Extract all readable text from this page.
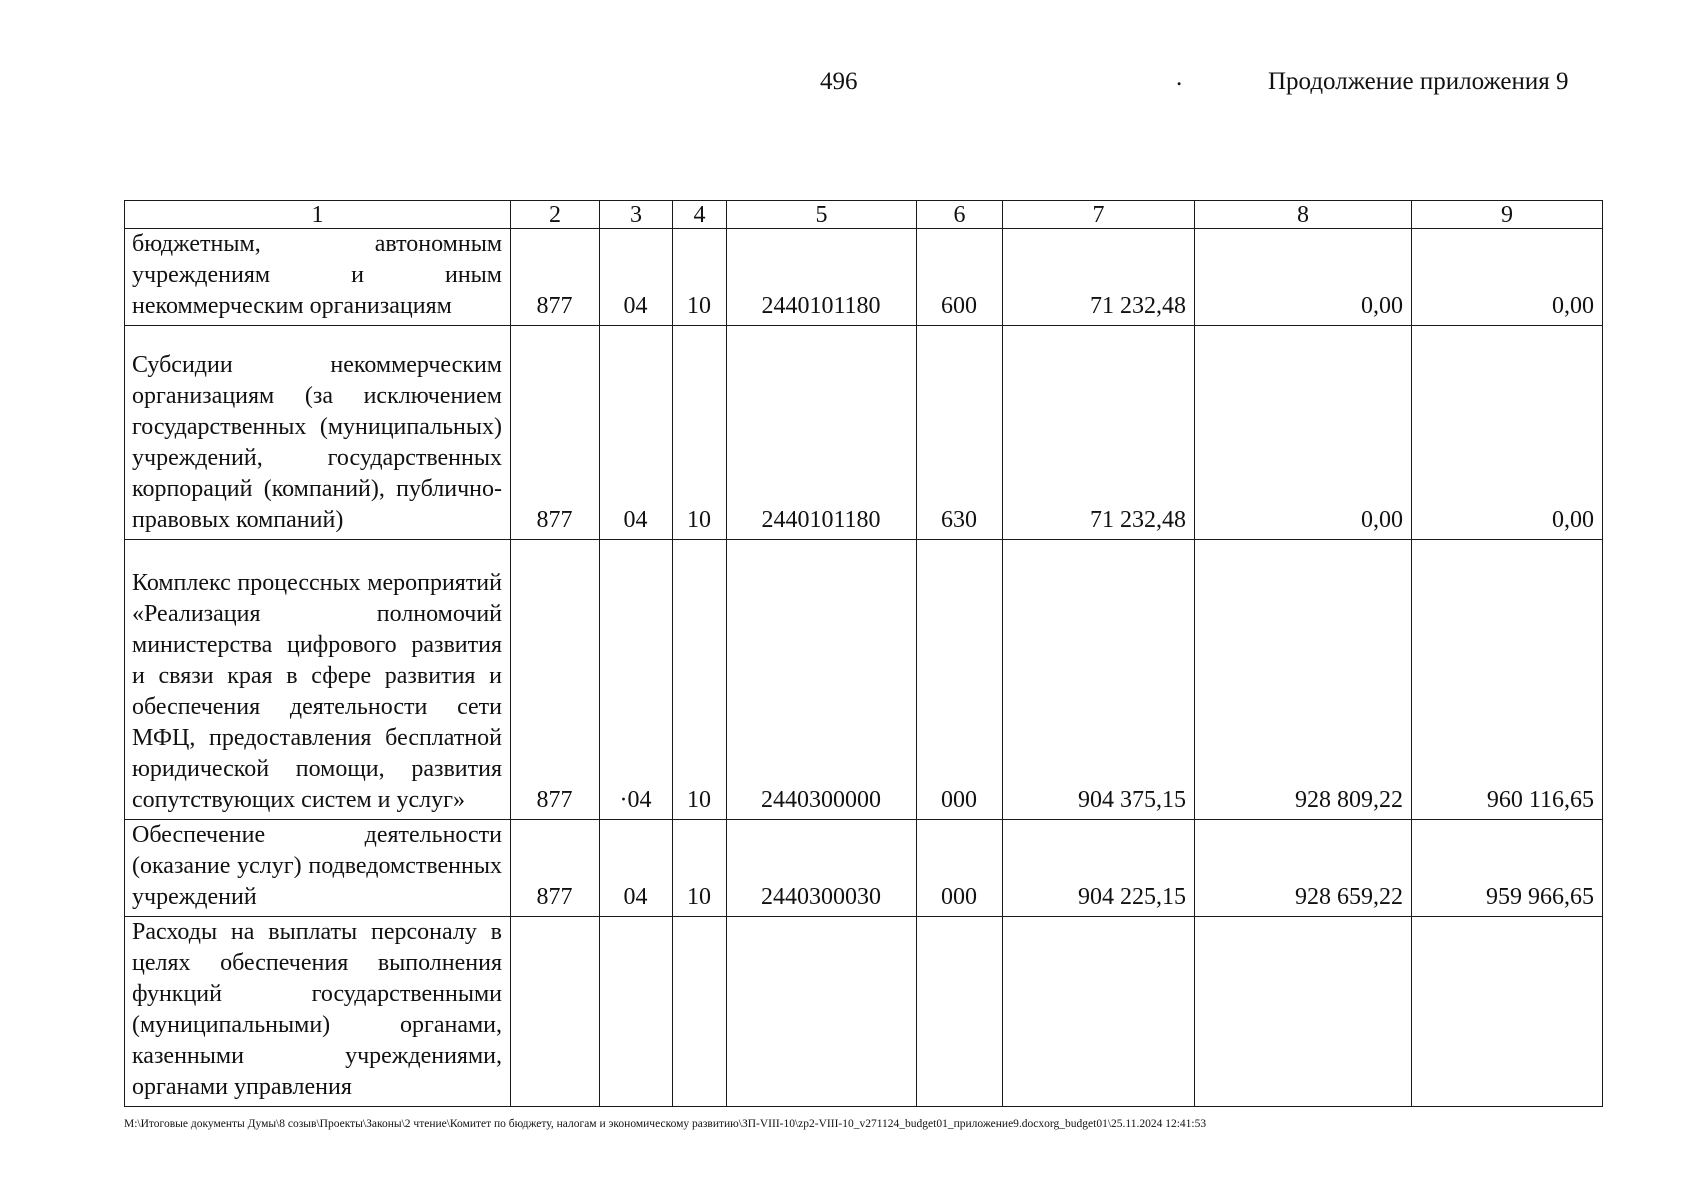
496	.	Продолжение приложения 9
1	2	3	4	5	6	7	8	9
бюджетным, автономным учреждениям и иным некоммерческим организациям	877	04	10	2440101180	600	71 232,48	0,00	0,00
Субсидии некоммерческим организациям (за исключением государственных (муниципальных) учреждений, государственных корпораций (компаний), публично-правовых компаний)	877	04	10	2440101180	630	71 232,48	0,00	0,00
Комплекс процессных мероприятий «Реализация полномочий министерства цифрового развития и связи края в сфере развития и обеспечения деятельности сети МФЦ, предоставления бесплатной юридической помощи, развития сопутствующих систем и услуг»	877	·04	10	2440300000	000	904 375,15	928 809,22	960 116,65
Обеспечение деятельности (оказание услуг) подведомственных учреждений	877	04	10	2440300030	000	904 225,15	928 659,22	959 966,65
Расходы на выплаты персоналу в целях обеспечения выполнения функций государственными (муниципальными) органами, казенными учреждениями, органами управления								
М:\Итоговые документы Думы\8 созыв\Проекты\Законы\2 чтение\Комитет по бюджету, налогам и экономическому развитию\ЗП-VIII-10\zp2-VIII-10_v271124_budget01_приложение9.docxorg_budget01\25.11.2024 12:41:53
